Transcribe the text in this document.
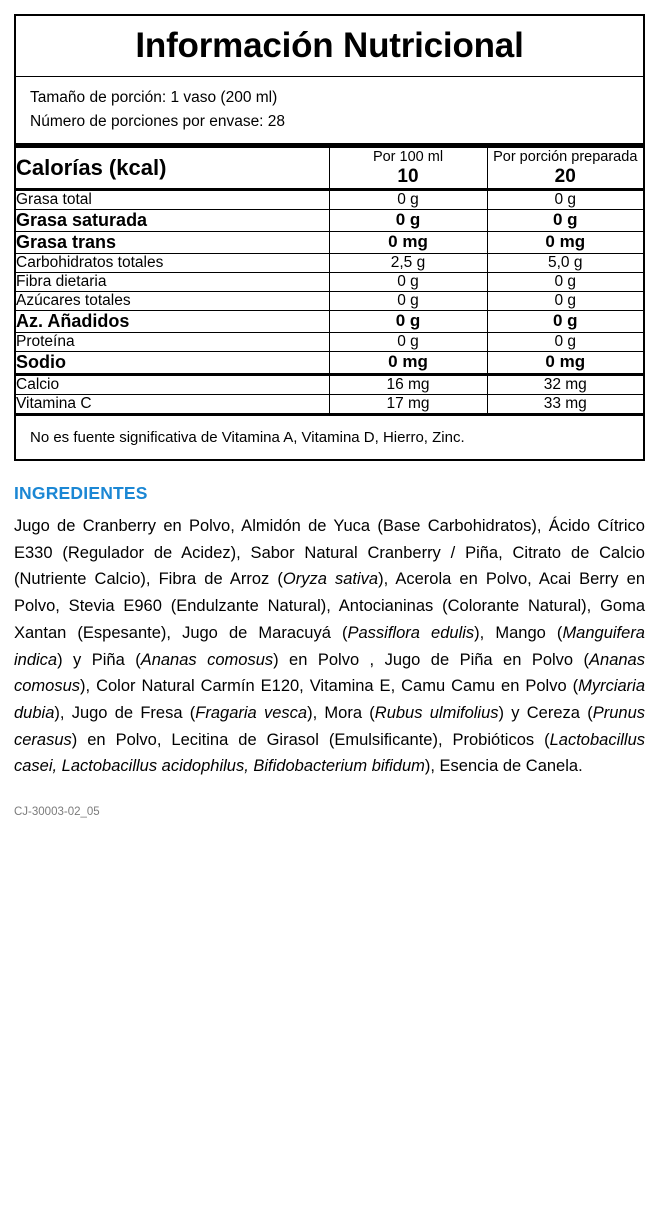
Información Nutricional
Tamaño de porción: 1 vaso (200 ml)
Número de porciones por envase: 28
Calorías (kcal)	Por 100 ml	Por porción preparada
	10	20
Grasa total	0 g	0 g
Grasa saturada	0 g	0 g
Grasa trans	0 mg	0 mg
Carbohidratos totales	2,5 g	5,0 g
Fibra dietaria	0 g	0 g
Azúcares totales	0 g	0 g
Az. Añadidos	0 g	0 g
Proteína	0 g	0 g
Sodio	0 mg	0 mg
Calcio	16 mg	32 mg
Vitamina C	17 mg	33 mg
No es fuente significativa de Vitamina A, Vitamina D, Hierro, Zinc.
INGREDIENTES
Jugo de Cranberry en Polvo, Almidón de Yuca (Base Carbohidratos), Ácido Cítrico E330 (Regulador de Acidez), Sabor Natural Cranberry / Piña, Citrato de Calcio (Nutriente Calcio), Fibra de Arroz (Oryza sativa), Acerola en Polvo, Acai Berry en Polvo, Stevia E960 (Endulzante Natural), Antocianinas (Colorante Natural), Goma Xantan (Espesante), Jugo de Maracuyá (Passiflora edulis), Mango (Manguifera indica) y Piña (Ananas comosus) en Polvo , Jugo de Piña en Polvo (Ananas comosus), Color Natural Carmín E120, Vitamina E, Camu Camu en Polvo (Myrciaria dubia), Jugo de Fresa (Fragaria vesca), Mora (Rubus ulmifolius) y Cereza (Prunus cerasus) en Polvo, Lecitina de Girasol (Emulsificante), Probióticos (Lactobacillus casei, Lactobacillus acidophilus, Bifidobacterium bifidum), Esencia de Canela.
CJ-30003-02_05
